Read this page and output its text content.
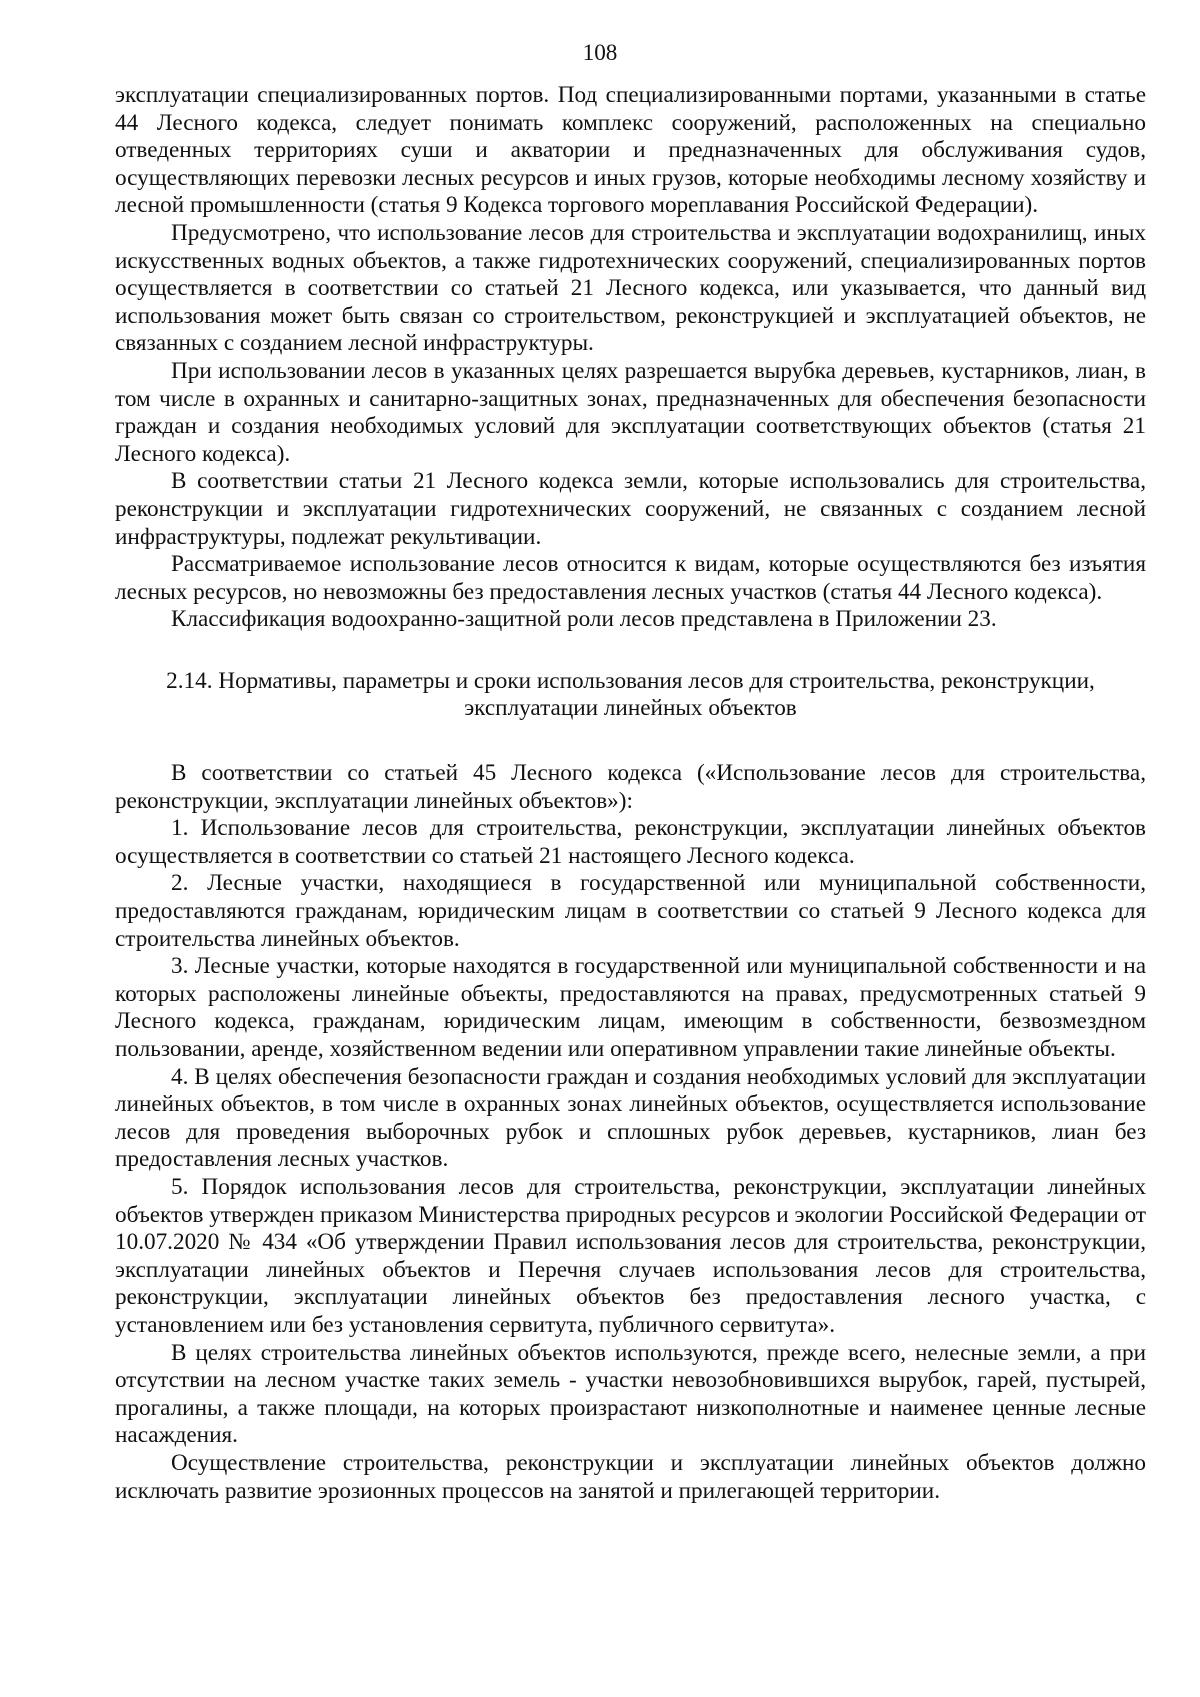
108

эксплуатации специализированных портов. Под специализированными портами, указанными в статье 44 Лесного кодекса, следует понимать комплекс сооружений, расположенных на специально отведенных территориях суши и акватории и предназначенных для обслуживания судов, осуществляющих перевозки лесных ресурсов и иных грузов, которые необходимы лесному хозяйству и лесной промышленности (статья 9 Кодекса торгового мореплавания Российской Федерации).

Предусмотрено, что использование лесов для строительства и эксплуатации водохранилищ, иных искусственных водных объектов, а также гидротехнических сооружений, специализированных портов осуществляется в соответствии со статьей 21 Лесного кодекса, или указывается, что данный вид использования может быть связан со строительством, реконструкцией и эксплуатацией объектов, не связанных с созданием лесной инфраструктуры.

При использовании лесов в указанных целях разрешается вырубка деревьев, кустарников, лиан, в том числе в охранных и санитарно-защитных зонах, предназначенных для обеспечения безопасности граждан и создания необходимых условий для эксплуатации соответствующих объектов (статья 21 Лесного кодекса).

В соответствии статьи 21 Лесного кодекса земли, которые использовались для строительства, реконструкции и эксплуатации гидротехнических сооружений, не связанных с созданием лесной инфраструктуры, подлежат рекультивации.

Рассматриваемое использование лесов относится к видам, которые осуществляются без изъятия лесных ресурсов, но невозможны без предоставления лесных участков (статья 44 Лесного кодекса).

Классификация водоохранно-защитной роли лесов представлена в Приложении 23.

2.14. Нормативы, параметры и сроки использования лесов для строительства, реконструкции,
эксплуатации линейных объектов

В соответствии со статьей 45 Лесного кодекса («Использование лесов для строительства, реконструкции, эксплуатации линейных объектов»):

1. Использование лесов для строительства, реконструкции, эксплуатации линейных объектов осуществляется в соответствии со статьей 21 настоящего Лесного кодекса.

2. Лесные участки, находящиеся в государственной или муниципальной собственности, предоставляются гражданам, юридическим лицам в соответствии со статьей 9 Лесного кодекса для строительства линейных объектов.

3. Лесные участки, которые находятся в государственной или муниципальной собственности и на которых расположены линейные объекты, предоставляются на правах, предусмотренных статьей 9 Лесного кодекса, гражданам, юридическим лицам, имеющим в собственности, безвозмездном пользовании, аренде, хозяйственном ведении или оперативном управлении такие линейные объекты.

4. В целях обеспечения безопасности граждан и создания необходимых условий для эксплуатации линейных объектов, в том числе в охранных зонах линейных объектов, осуществляется использование лесов для проведения выборочных рубок и сплошных рубок деревьев, кустарников, лиан без предоставления лесных участков.

5. Порядок использования лесов для строительства, реконструкции, эксплуатации линейных объектов утвержден приказом Министерства природных ресурсов и экологии Российской Федерации от 10.07.2020 № 434 «Об утверждении Правил использования лесов для строительства, реконструкции, эксплуатации линейных объектов и Перечня случаев использования лесов для строительства, реконструкции, эксплуатации линейных объектов без предоставления лесного участка, с установлением или без установления сервитута, публичного сервитута».

В целях строительства линейных объектов используются, прежде всего, нелесные земли, а при отсутствии на лесном участке таких земель - участки невозобновившихся вырубок, гарей, пустырей, прогалины, а также площади, на которых произрастают низкополнотные и наименее ценные лесные насаждения.

Осуществление строительства, реконструкции и эксплуатации линейных объектов должно исключать развитие эрозионных процессов на занятой и прилегающей территории.
